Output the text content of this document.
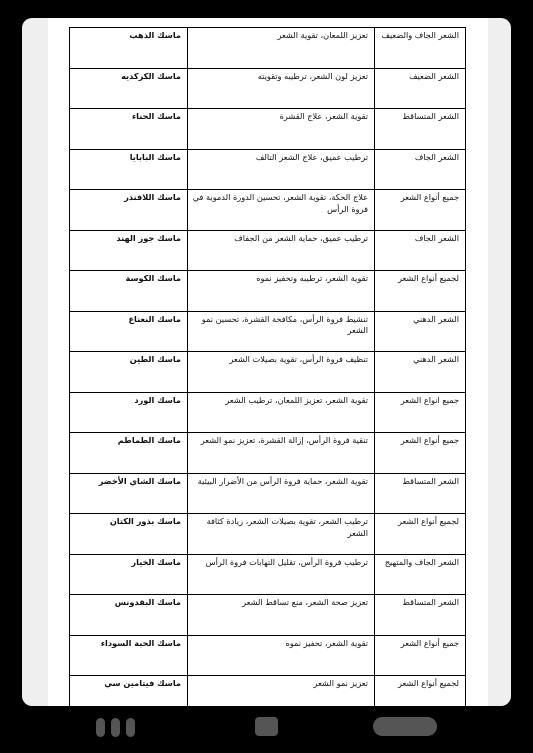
الشعر الجاف والضعيف	تعزيز اللمعان، تقوية الشعر	ماسك الذهب
الشعر الضعيف	تعزيز لون الشعر، ترطيبه وتقويته	ماسك الكركديه
الشعر المتساقط	تقوية الشعر، علاج القشرة	ماسك الحناء
الشعر الجاف	ترطيب عميق، علاج الشعر التالف	ماسك البابايا
جميع أنواع الشعر	علاج الحكة، تقوية الشعر، تحسين الدورة الدموية في فروة الرأس	ماسك اللافندر
الشعر الجاف	ترطيب عميق، حماية الشعر من الجفاف	ماسك جوز الهند
لجميع أنواع الشعر	تقوية الشعر، ترطيبه وتحفيز نموه	ماسك الكوسة
الشعر الدهني	تنشيط فروة الرأس، مكافحة القشرة، تحسين نمو الشعر	ماسك النعناع
الشعر الدهني	تنظيف فروة الرأس، تقوية بصيلات الشعر	ماسك الطين
جميع انواع الشعر	تقوية الشعر، تعزيز اللمعان، ترطيب الشعر	ماسك الورد
جميع أنواع الشعر	تنقية فروة الرأس، إزالة القشرة، تعزيز نمو الشعر	ماسك الطماطم
الشعر المتساقط	تقوية الشعر، حماية فروة الرأس من الأضرار البيئية	ماسك الشاي الأخضر
لجميع أنواع الشعر	ترطيب الشعر، تقوية بصيلات الشعر، زيادة كثافة الشعر	ماسك بذور الكتان
الشعر الجاف والمتهيج	ترطيب فروة الرأس، تقليل التهابات فروة الرأس	ماسك الخيار
الشعر المتساقط	تعزيز صحة الشعر، منع تساقط الشعر	ماسك البقدونس
جميع أنواع الشعر	تقوية الشعر، تحفيز نموه	ماسك الحبة السوداء
لجميع أنواع الشعر	تعزيز نمو الشعر	ماسك فيتامين سي
